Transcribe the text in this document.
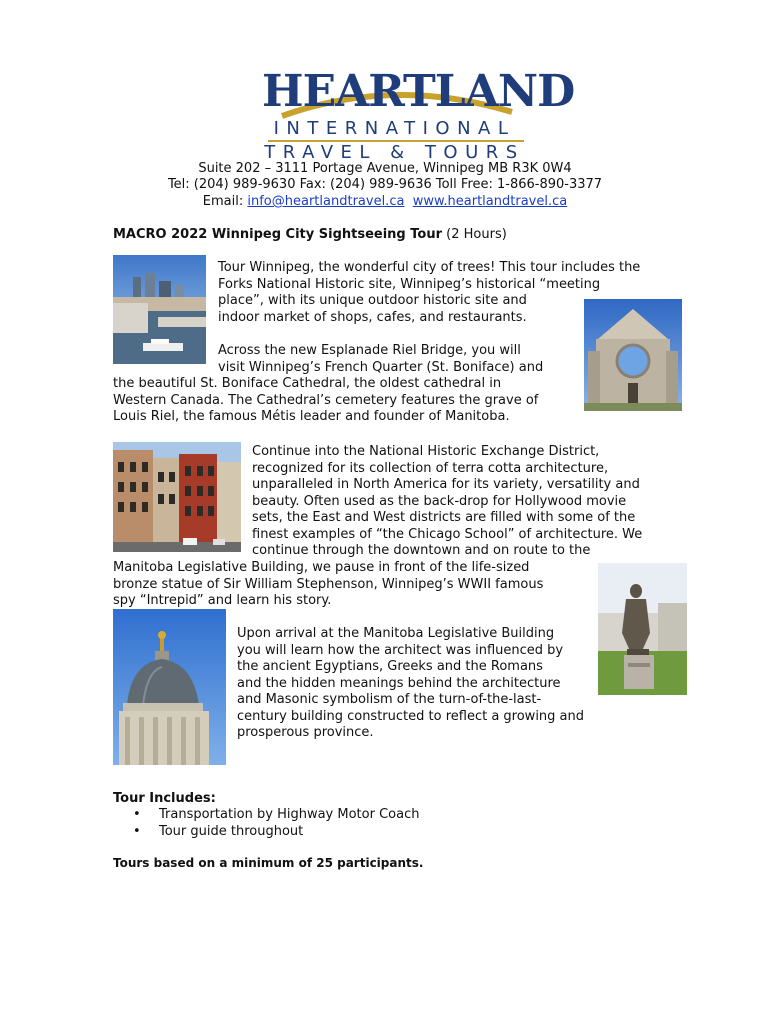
HEARTLAND
INTERNATIONAL
TRAVEL & TOURS
Suite 202 – 3111 Portage Avenue, Winnipeg MB R3K 0W4
Tel: (204) 989-9630 Fax: (204) 989-9636 Toll Free: 1-866-890-3377
Email: info@heartlandtravel.ca www.heartlandtravel.ca
MACRO 2022 Winnipeg City Sightseeing Tour (2 Hours)

Tour Winnipeg, the wonderful city of trees! This tour includes the
Forks National Historic site, Winnipeg’s historical “meeting
place”, with its unique outdoor historic site and
indoor market of shops, cafes, and restaurants.

Across the new Esplanade Riel Bridge, you will
visit Winnipeg’s French Quarter (St. Boniface) and

the beautiful St. Boniface Cathedral, the oldest cathedral in
Western Canada. The Cathedral’s cemetery features the grave of
Louis Riel, the famous Métis leader and founder of Manitoba.

Continue into the National Historic Exchange District,
recognized for its collection of terra cotta architecture,
unparalleled in North America for its variety, versatility and
beauty. Often used as the back-drop for Hollywood movie
sets, the East and West districts are filled with some of the
finest examples of “the Chicago School” of architecture. We
continue through the downtown and on route to the

Manitoba Legislative Building, we pause in front of the life-sized
bronze statue of Sir William Stephenson, Winnipeg’s WWII famous
spy “Intrepid” and learn his story.

Upon arrival at the Manitoba Legislative Building
you will learn how the architect was influenced by
the ancient Egyptians, Greeks and the Romans
and the hidden meanings behind the architecture
and Masonic symbolism of the turn-of-the-last-
century building constructed to reflect a growing and
prosperous province.

Tour Includes:
• Transportation by Highway Motor Coach
• Tour guide throughout
Tours based on a minimum of 25 participants.
